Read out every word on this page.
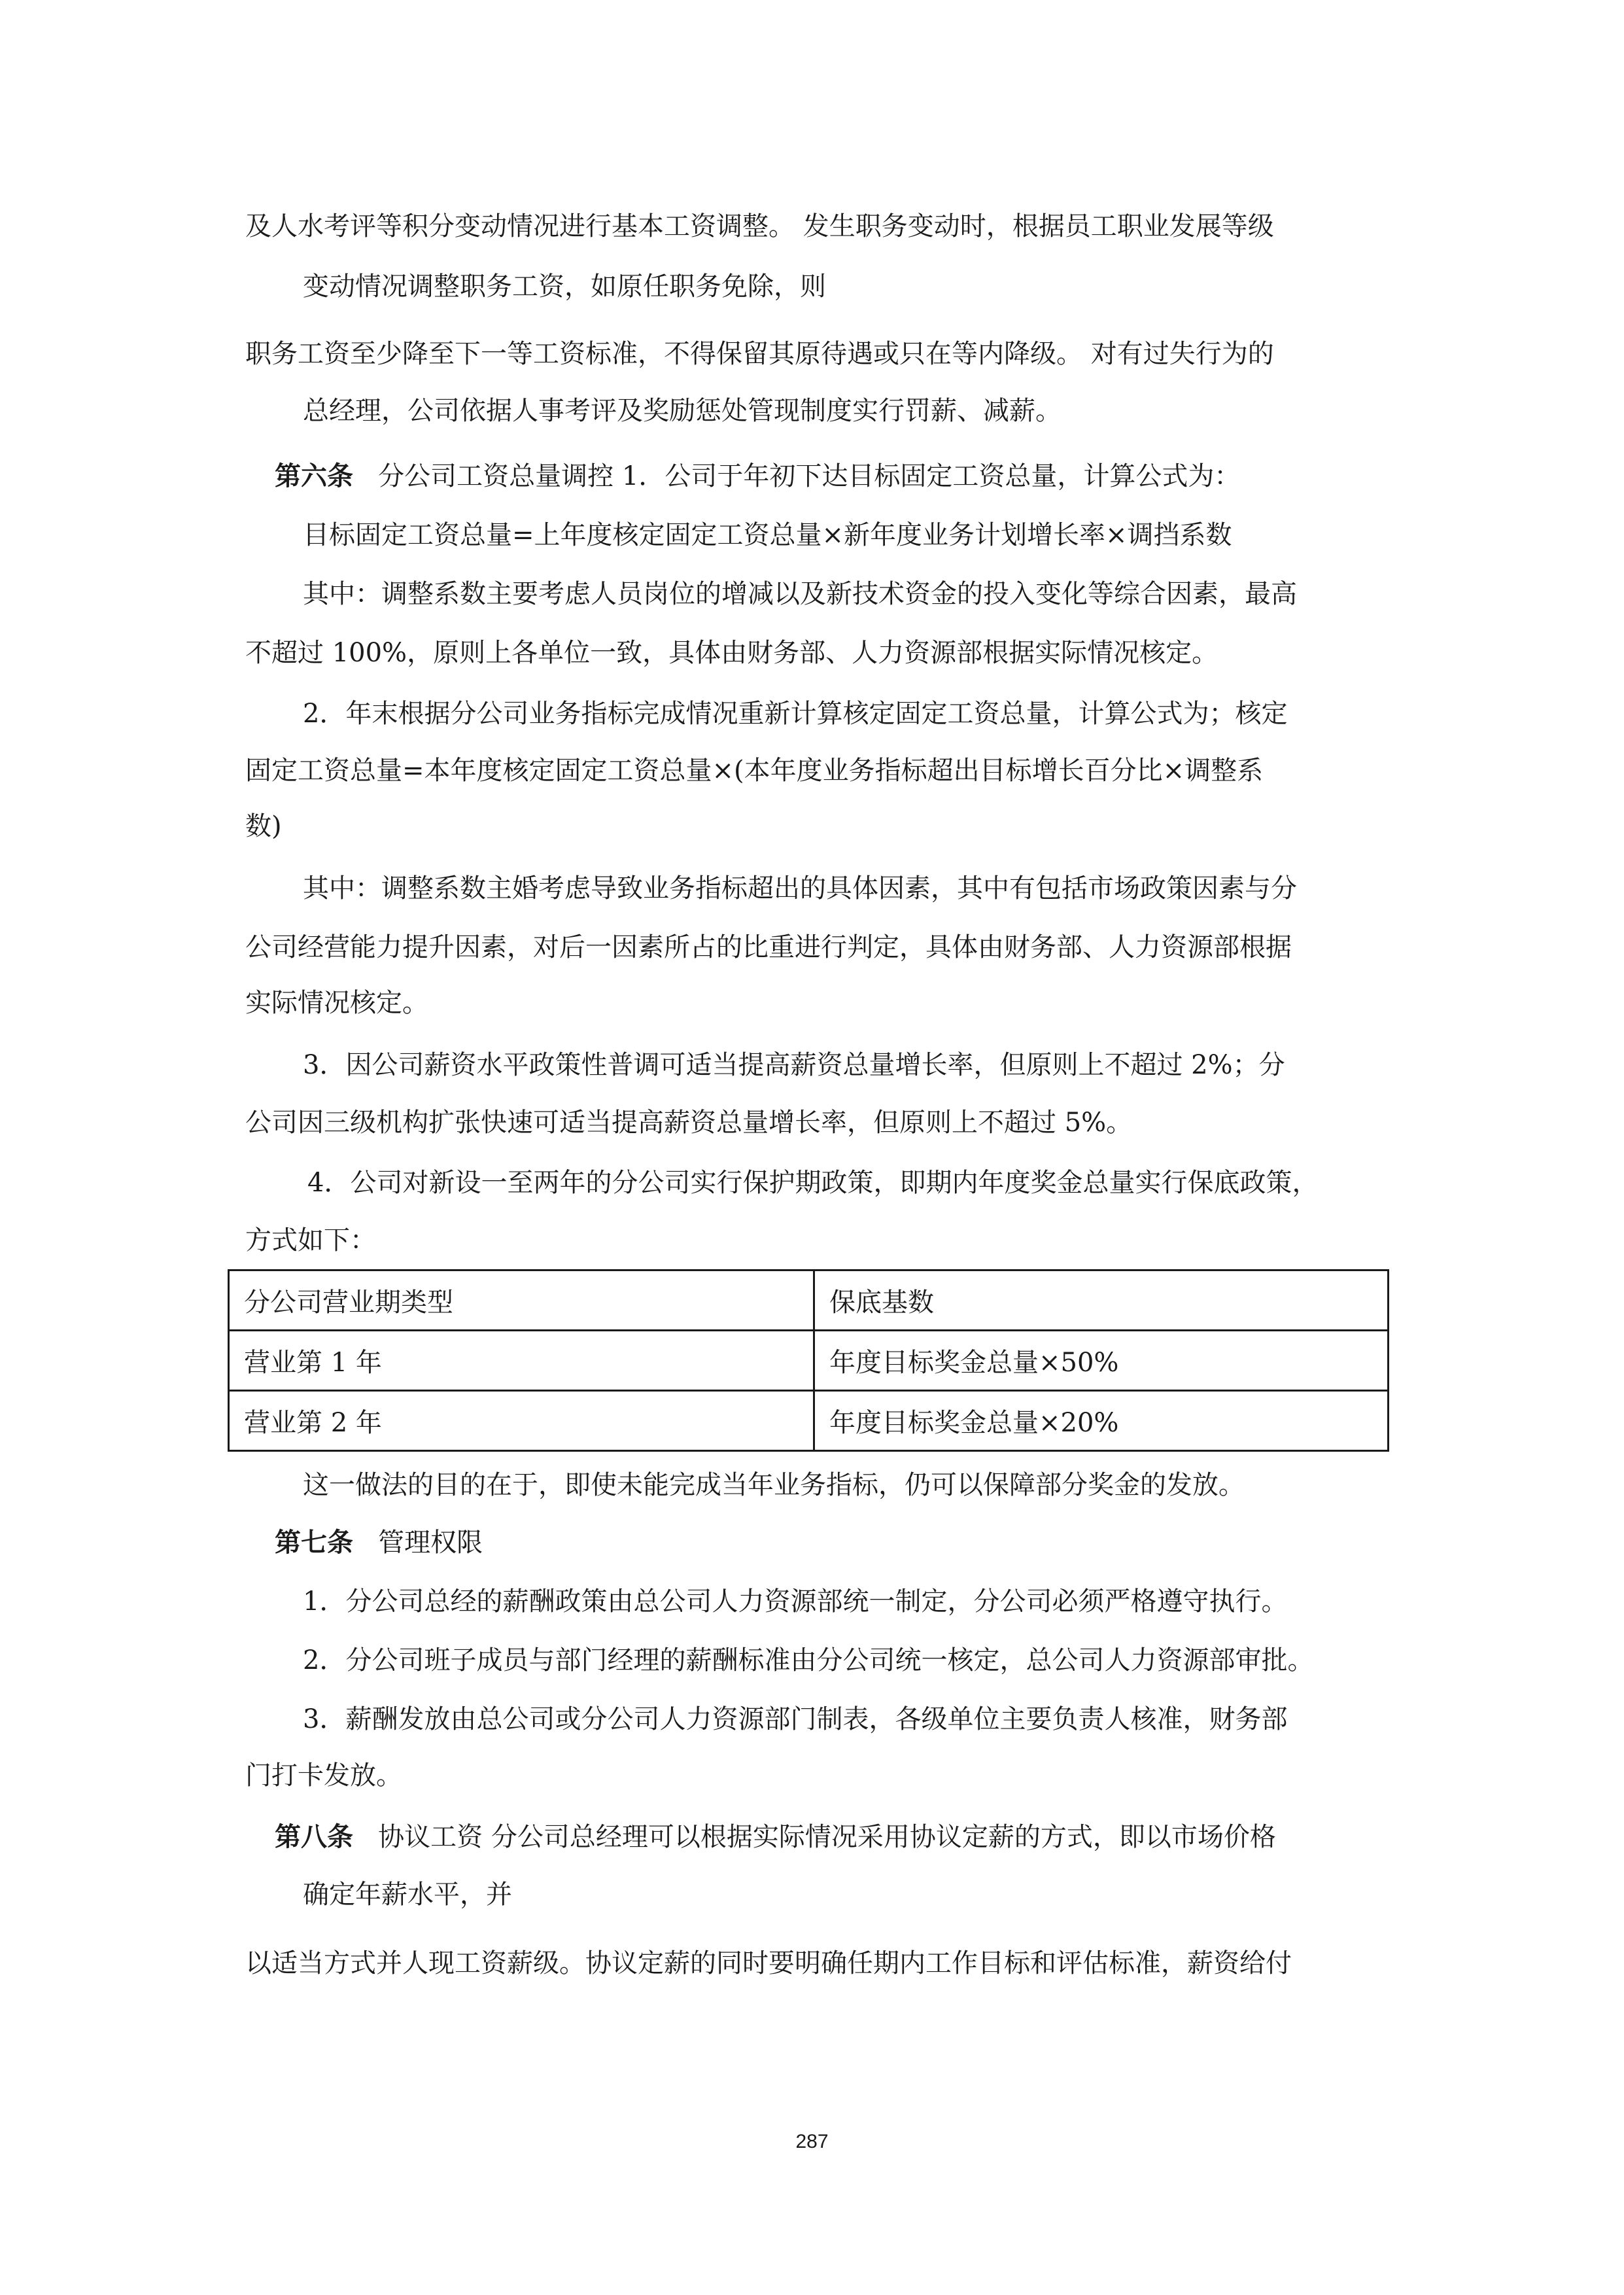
及人水考评等积分变动情况进行基本工资调整。 发生职务变动时，根据员工职业发展等级
变动情况调整职务工资，如原任职务免除，则
职务工资至少降至下一等工资标准，不得保留其原待遇或只在等内降级。 对有过失行为的
总经理，公司依据人事考评及奖励惩处管现制度实行罚薪、减薪。
第六条 分公司工资总量调控 1．公司于年初下达目标固定工资总量，计算公式为：
目标固定工资总量=上年度核定固定工资总量×新年度业务计划增长率×调挡系数
其中：调整系数主要考虑人员岗位的增减以及新技术资金的投入变化等综合因素，最高
不超过 100%，原则上各单位一致，具体由财务部、人力资源部根据实际情况核定。
2．年末根据分公司业务指标完成情况重新计算核定固定工资总量，计算公式为；核定
固定工资总量=本年度核定固定工资总量×(本年度业务指标超出目标增长百分比×调整系
数)
其中：调整系数主婚考虑导致业务指标超出的具体因素，其中有包括市场政策因素与分
公司经营能力提升因素，对后一因素所占的比重进行判定，具体由财务部、人力资源部根据
实际情况核定。
3．因公司薪资水平政策性普调可适当提高薪资总量增长率，但原则上不超过 2%；分
公司因三级机构扩张快速可适当提高薪资总量增长率，但原则上不超过 5%。
4．公司对新设一至两年的分公司实行保护期政策，即期内年度奖金总量实行保底政策，
方式如下：
分公司营业期类型	保底基数
营业第 1 年	年度目标奖金总量×50%
营业第 2 年	年度目标奖金总量×20%
这一做法的目的在于，即使未能完成当年业务指标，仍可以保障部分奖金的发放。
第七条 管理权限
1．分公司总经的薪酬政策由总公司人力资源部统一制定，分公司必须严格遵守执行。
2．分公司班子成员与部门经理的薪酬标准由分公司统一核定，总公司人力资源部审批。
3．薪酬发放由总公司或分公司人力资源部门制表，各级单位主要负责人核准，财务部
门打卡发放。
第八条 协议工资 分公司总经理可以根据实际情况采用协议定薪的方式，即以市场价格
确定年薪水平，并
以适当方式并人现工资薪级。协议定薪的同时要明确任期内工作目标和评估标准，薪资给付
287
